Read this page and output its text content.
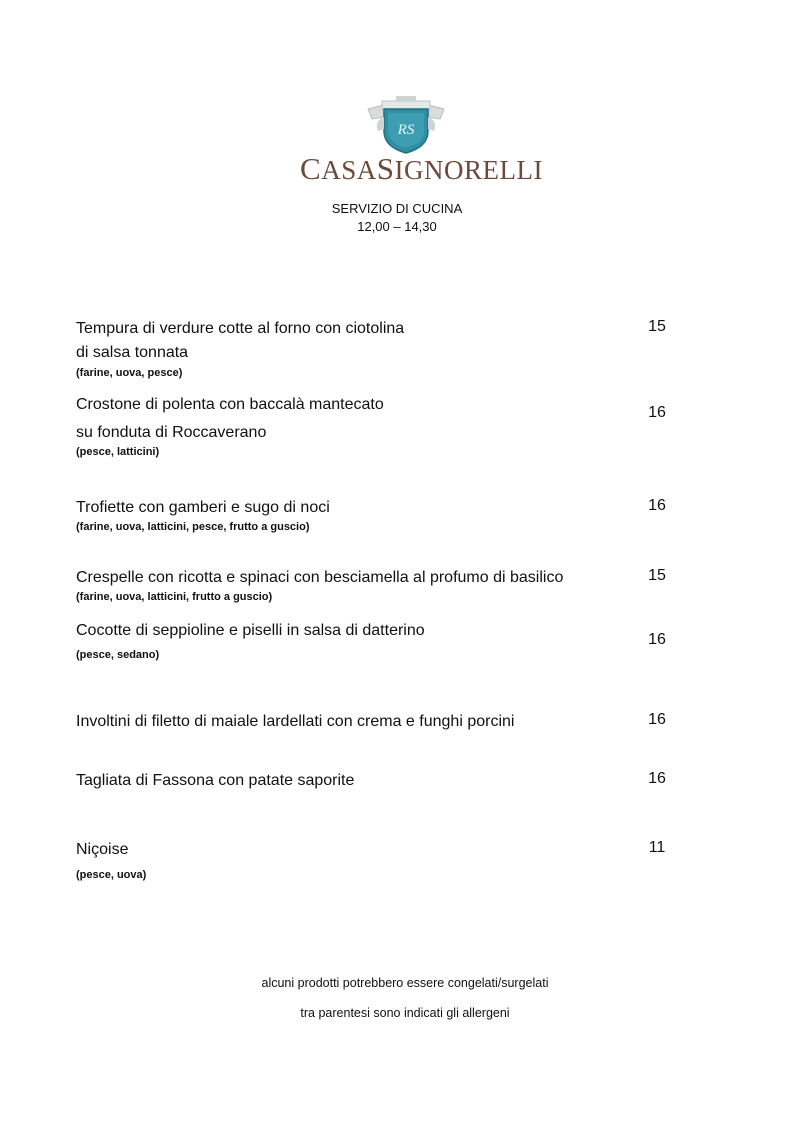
RS
CASASIGNORELLI
SERVIZIO DI CUCINA
12,00 – 14,30
Tempura di verdure cotte al forno con ciotolina
di salsa tonnata
(farine, uova, pesce)
15
Crostone di polenta con baccalà mantecato
su fonduta di Roccaverano
(pesce, latticini)
16
Trofiette con gamberi e sugo di noci
(farine, uova, latticini, pesce, frutto a guscio)
16
Crespelle con ricotta e spinaci con besciamella al profumo di basilico
(farine, uova, latticini, frutto a guscio)
15
Cocotte di seppioline e piselli in salsa di datterino
(pesce, sedano)
16
Involtini di filetto di maiale lardellati con crema e funghi porcini	16
Tagliata di Fassona con patate saporite	16
Niçoise
(pesce, uova)
11
alcuni prodotti potrebbero essere congelati/surgelati
tra parentesi sono indicati gli allergeni
